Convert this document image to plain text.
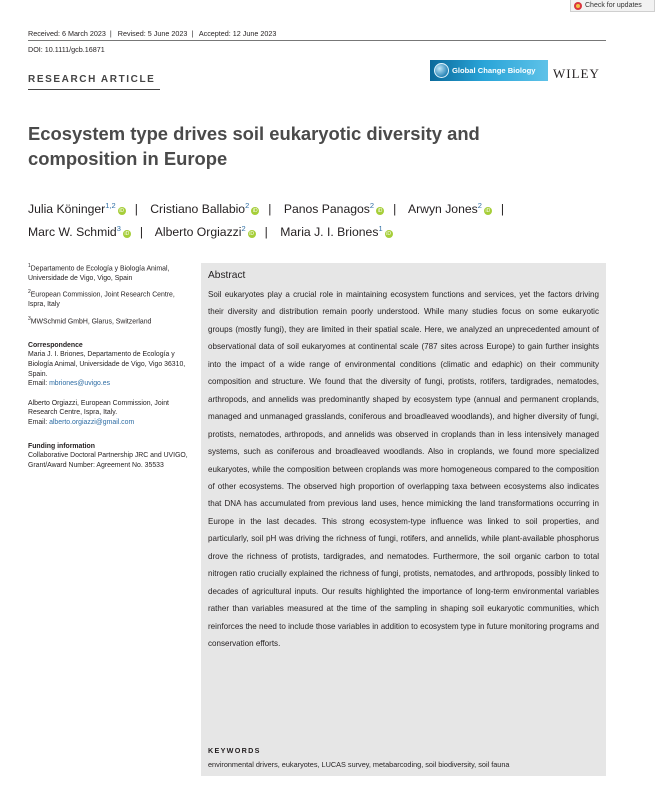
Check for updates
Received: 6 March 2023 | Revised: 5 June 2023 | Accepted: 12 June 2023
DOI: 10.1111/gcb.16871
RESEARCH ARTICLE
Global Change Biology WILEY
Ecosystem type drives soil eukaryotic diversity and composition in Europe
Julia Köninger$^{1,2}$iD | Cristiano Ballabio$^2$iD | Panos Panagos$^2$iD | Arwyn Jones$^2$iD |
Marc W. Schmid$^3$iD | Alberto Orgiazzi$^2$iD | Maria J. I. Briones$^1$iD

$^1$Departamento de Ecología y Biología Animal, Universidade de Vigo, Vigo, Spain

$^2$European Commission, Joint Research Centre, Ispra, Italy

$^3$MWSchmid GmbH, Glarus, Switzerland

Correspondence
Maria J. I. Briones, Departamento de Ecología y Biología Animal, Universidade de Vigo, Vigo 36310, Spain.
Email: mbriones@uvigo.es

Alberto Orgiazzi, European Commission, Joint Research Centre, Ispra, Italy.
Email: alberto.orgiazzi@gmail.com

Funding information
Collaborative Doctoral Partnership JRC and UVIGO, Grant/Award Number: Agreement No. 35533

Abstract
Soil eukaryotes play a crucial role in maintaining ecosystem functions and services, yet the factors driving their diversity and distribution remain poorly understood. While many studies focus on some eukaryotic groups (mostly fungi), they are limited in their spatial scale. Here, we analyzed an unprecedented amount of observational data of soil eukaryomes at continental scale (787 sites across Europe) to gain further insights into the impact of a wide range of environmental conditions (climatic and edaphic) on their community composition and structure. We found that the diversity of fungi, protists, rotifers, tardigrades, nematodes, arthropods, and annelids was predominantly shaped by ecosystem type (annual and permanent croplands, managed and unmanaged grasslands, coniferous and broadleaved woodlands), and higher diversity of fungi, protists, nematodes, arthropods, and annelids was observed in croplands than in less intensively managed systems, such as coniferous and broadleaved woodlands. Also in croplands, we found more specialized eukaryotes, while the composition between croplands was more homogeneous compared to the composition of other ecosystems. The observed high proportion of overlapping taxa between ecosystems also indicates that DNA has accumulated from previous land uses, hence mimicking the land transformations occurring in Europe in the last decades. This strong ecosystem-type influence was linked to soil properties, and particularly, soil pH was driving the richness of fungi, rotifers, and annelids, while plant-available phosphorus drove the richness of protists, tardigrades, and nematodes. Furthermore, the soil organic carbon to total nitrogen ratio crucially explained the richness of fungi, protists, nematodes, and arthropods, possibly linked to decades of agricultural inputs. Our results highlighted the importance of long-term environmental variables rather than variables measured at the time of the sampling in shaping soil eukaryotic communities, which reinforces the need to include those variables in addition to ecosystem type in future monitoring programs and conservation efforts.
KEYWORDS
environmental drivers, eukaryotes, LUCAS survey, metabarcoding, soil biodiversity, soil fauna
